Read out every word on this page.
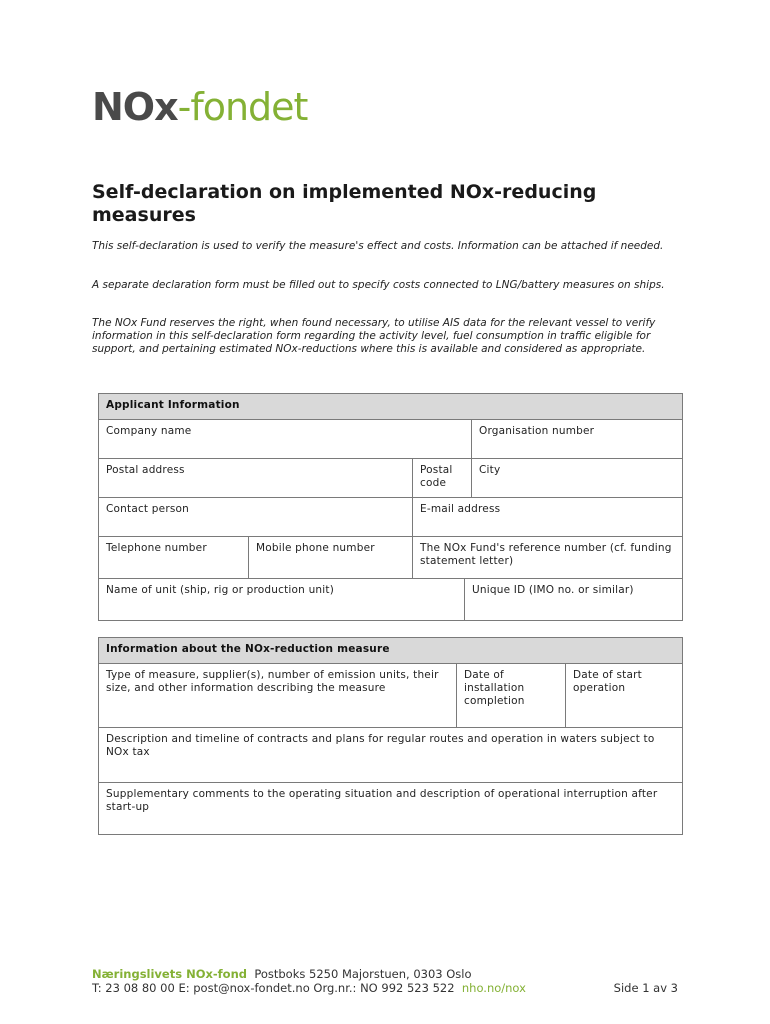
NOx-fondet
Self-declaration on implemented NOx-reducing measures

This self-declaration is used to verify the measure's effect and costs. Information can be attached if needed.

A separate declaration form must be filled out to specify costs connected to LNG/battery measures on ships.

The NOx Fund reserves the right, when found necessary, to utilise AIS data for the relevant vessel to verify information in this self-declaration form regarding the activity level, fuel consumption in traffic eligible for support, and pertaining estimated NOx-reductions where this is available and considered as appropriate.

Applicant Information				
Company name				Organisation number
Postal address		Postal code		City
Contact person		E-mail address		
Telephone number	Mobile phone number	The NOx Fund's reference number (cf. funding statement letter)		
Name of unit (ship, rig or production unit)			Unique ID (IMO no. or similar)	
Information about the NOx-reduction measure
Type of measure, supplier(s), number of emission units, their size, and other information describing the measure	Date of installation completion	Date of start operation
Description and timeline of contracts and plans for regular routes and operation in waters subject to NOx tax
Supplementary comments to the operating situation and description of operational interruption after start-up
Næringslivets NOx-fond Postboks 5250 Majorstuen, 0303 Oslo
T: 23 08 80 00 E: post@nox-fondet.no Org.nr.: NO 992 523 522 nho.no/nox	Side 1 av 3
